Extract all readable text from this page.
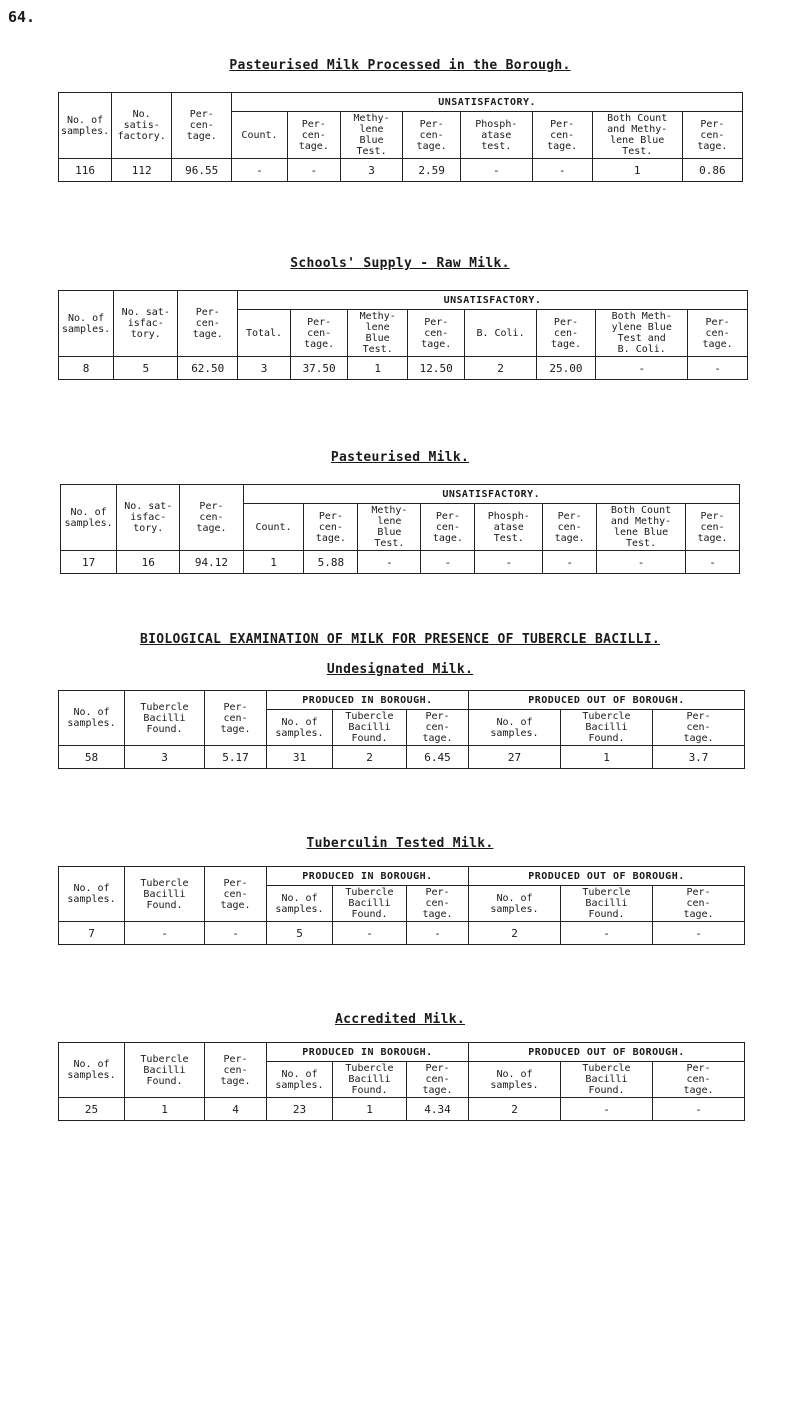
64.
Pasteurised Milk Processed in the Borough.
No. of
samples.	No.
satis-
factory.	Per-
cen-
tage.	UNSATISFACTORY.							

			Count.	Per-
cen-
tage.	Methy-
lene
Blue
Test.	Per-
cen-
tage.	Phosph-
atase
test.	Per-
cen-
tage.	Both Count
and Methy-
lene Blue
Test.	Per-
cen-
tage.

116	112	96.55	-	-	3	2.59	-	-	1	0.86
Schools' Supply - Raw Milk.
No. of
samples.	No. sat-
isfac-
tory.	Per-
cen-
tage.	UNSATISFACTORY.							

			Total.	Per-
cen-
tage.	Methy-
lene
Blue
Test.	Per-
cen-
tage.	B. Coli.	Per-
cen-
tage.	Both Meth-
ylene Blue
Test and
B. Coli.	Per-
cen-
tage.

8	5	62.50	3	37.50	1	12.50	2	25.00	-	-
Pasteurised Milk.
No. of
samples.	No. sat-
isfac-
tory.	Per-
cen-
tage.	UNSATISFACTORY.							

			Count.	Per-
cen-
tage.	Methy-
lene
Blue
Test.	Per-
cen-
tage.	Phosph-
atase
Test.	Per-
cen-
tage.	Both Count
and Methy-
lene Blue
Test.	Per-
cen-
tage.

17	16	94.12	1	5.88	-	-	-	-	-	-
BIOLOGICAL EXAMINATION OF MILK FOR PRESENCE OF TUBERCLE BACILLI.
Undesignated Milk.
No. of
samples.	Tubercle
Bacilli
Found.	Per-
cen-
tage.	PRODUCED IN BOROUGH.			PRODUCED OUT OF BOROUGH.		

			No. of
samples.	Tubercle
Bacilli
Found.	Per-
cen-
tage.	No. of
samples.	Tubercle
Bacilli
Found.	Per-
cen-
tage.

58	3	5.17	31	2	6.45	27	1	3.7
Tuberculin Tested Milk.
No. of
samples.	Tubercle
Bacilli
Found.	Per-
cen-
tage.	PRODUCED IN BOROUGH.			PRODUCED OUT OF BOROUGH.		

			No. of
samples.	Tubercle
Bacilli
Found.	Per-
cen-
tage.	No. of
samples.	Tubercle
Bacilli
Found.	Per-
cen-
tage.

7	-	-	5	-	-	2	-	-
Accredited Milk.
No. of
samples.	Tubercle
Bacilli
Found.	Per-
cen-
tage.	PRODUCED IN BOROUGH.			PRODUCED OUT OF BOROUGH.		

			No. of
samples.	Tubercle
Bacilli
Found.	Per-
cen-
tage.	No. of
samples.	Tubercle
Bacilli
Found.	Per-
cen-
tage.

25	1	4	23	1	4.34	2	-	-
